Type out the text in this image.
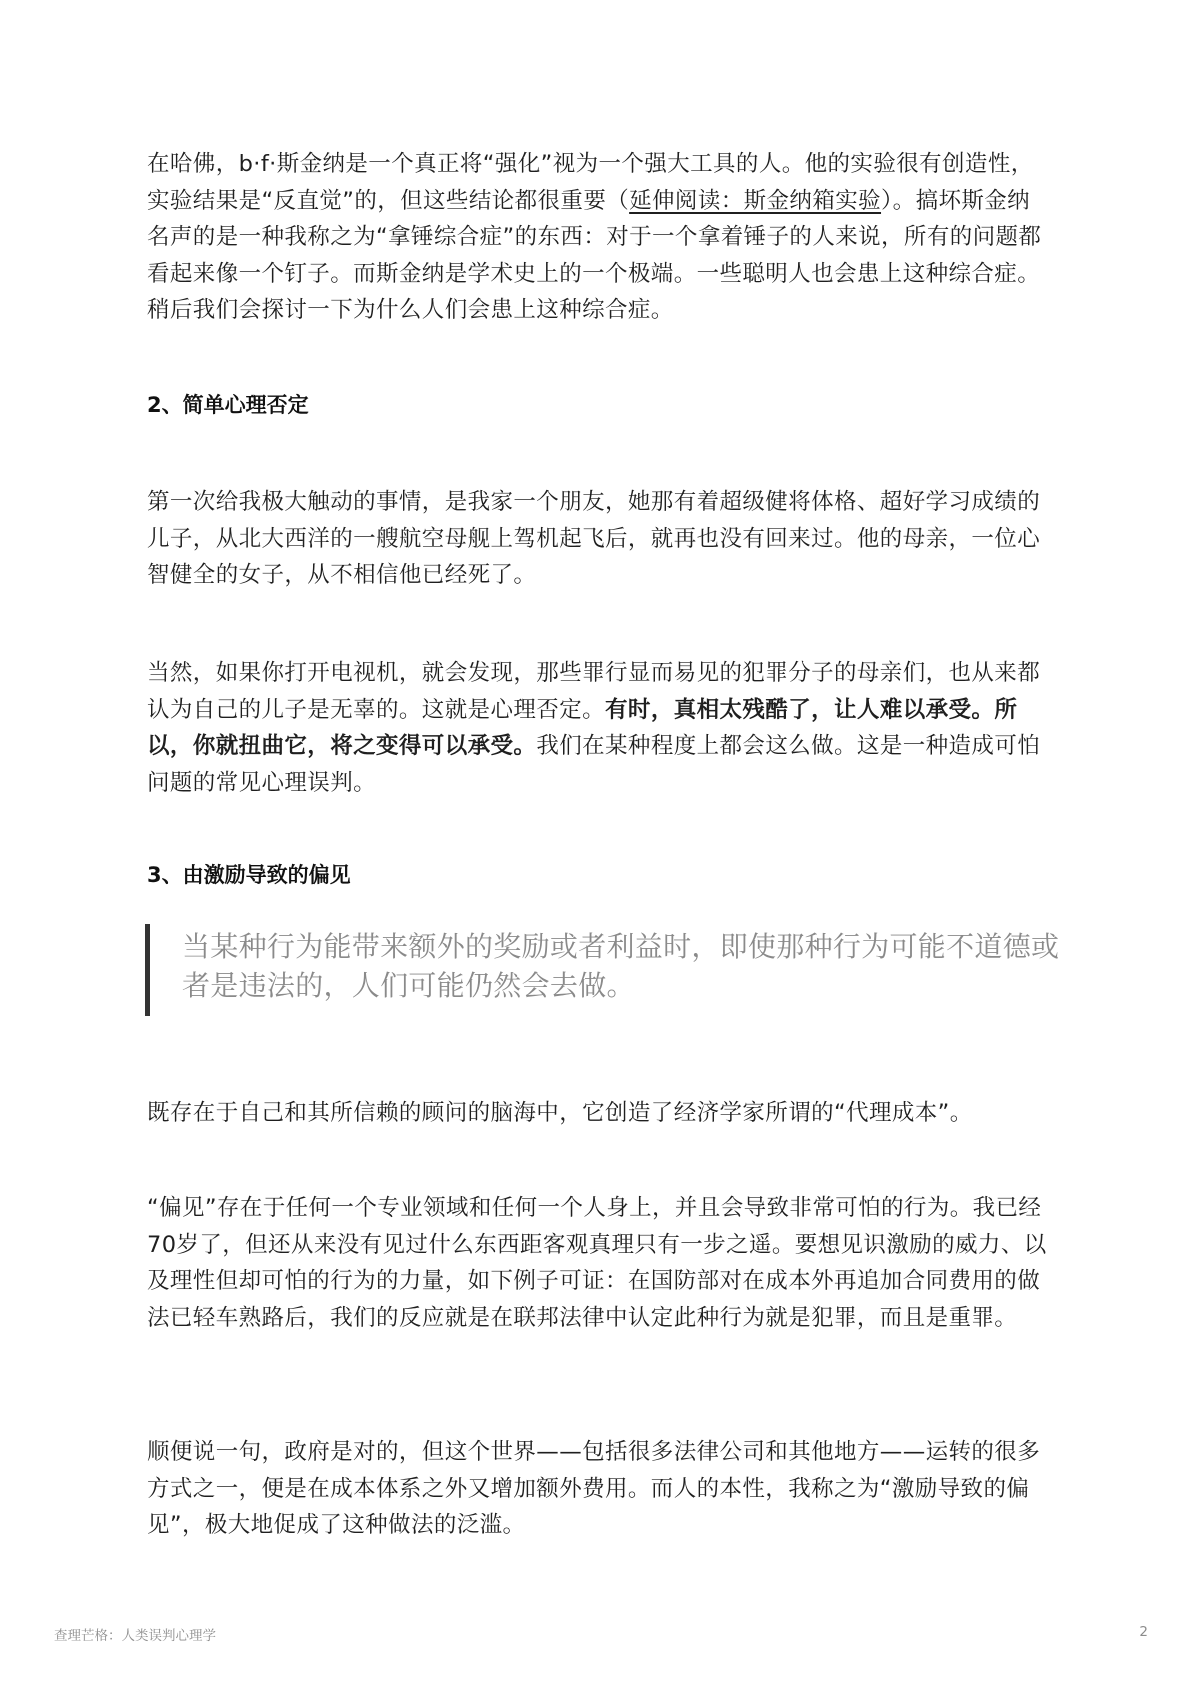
在哈佛，b·f·斯金纳是一个真正将“强化”视为一个强大工具的人。他的实验很有创造性，实验结果是“反直觉”的，但这些结论都很重要（延伸阅读：斯金纳箱实验）。搞坏斯金纳名声的是一种我称之为“拿锤综合症”的东西：对于一个拿着锤子的人来说，所有的问题都看起来像一个钉子。而斯金纳是学术史上的一个极端。一些聪明人也会患上这种综合症。稍后我们会探讨一下为什么人们会患上这种综合症。

2、简单心理否定

第一次给我极大触动的事情，是我家一个朋友，她那有着超级健将体格、超好学习成绩的儿子，从北大西洋的一艘航空母舰上驾机起飞后，就再也没有回来过。他的母亲，一位心智健全的女子，从不相信他已经死了。

当然，如果你打开电视机，就会发现，那些罪行显而易见的犯罪分子的母亲们，也从来都认为自己的儿子是无辜的。这就是心理否定。有时，真相太残酷了，让人难以承受。所以，你就扭曲它，将之变得可以承受。我们在某种程度上都会这么做。这是一种造成可怕问题的常见心理误判。

3、由激励导致的偏见

当某种行为能带来额外的奖励或者利益时，即使那种行为可能不道德或者是违法的，人们可能仍然会去做。

既存在于自己和其所信赖的顾问的脑海中，它创造了经济学家所谓的“代理成本”。

“偏见”存在于任何一个专业领域和任何一个人身上，并且会导致非常可怕的行为。我已经70岁了，但还从来没有见过什么东西距客观真理只有一步之遥。要想见识激励的威力、以及理性但却可怕的行为的力量，如下例子可证：在国防部对在成本外再追加合同费用的做法已轻车熟路后，我们的反应就是在联邦法律中认定此种行为就是犯罪，而且是重罪。

顺便说一句，政府是对的，但这个世界——包括很多法律公司和其他地方——运转的很多方式之一，便是在成本体系之外又增加额外费用。而人的本性，我称之为“激励导致的偏见”，极大地促成了这种做法的泛滥。

查理芒格：人类误判心理学	2
